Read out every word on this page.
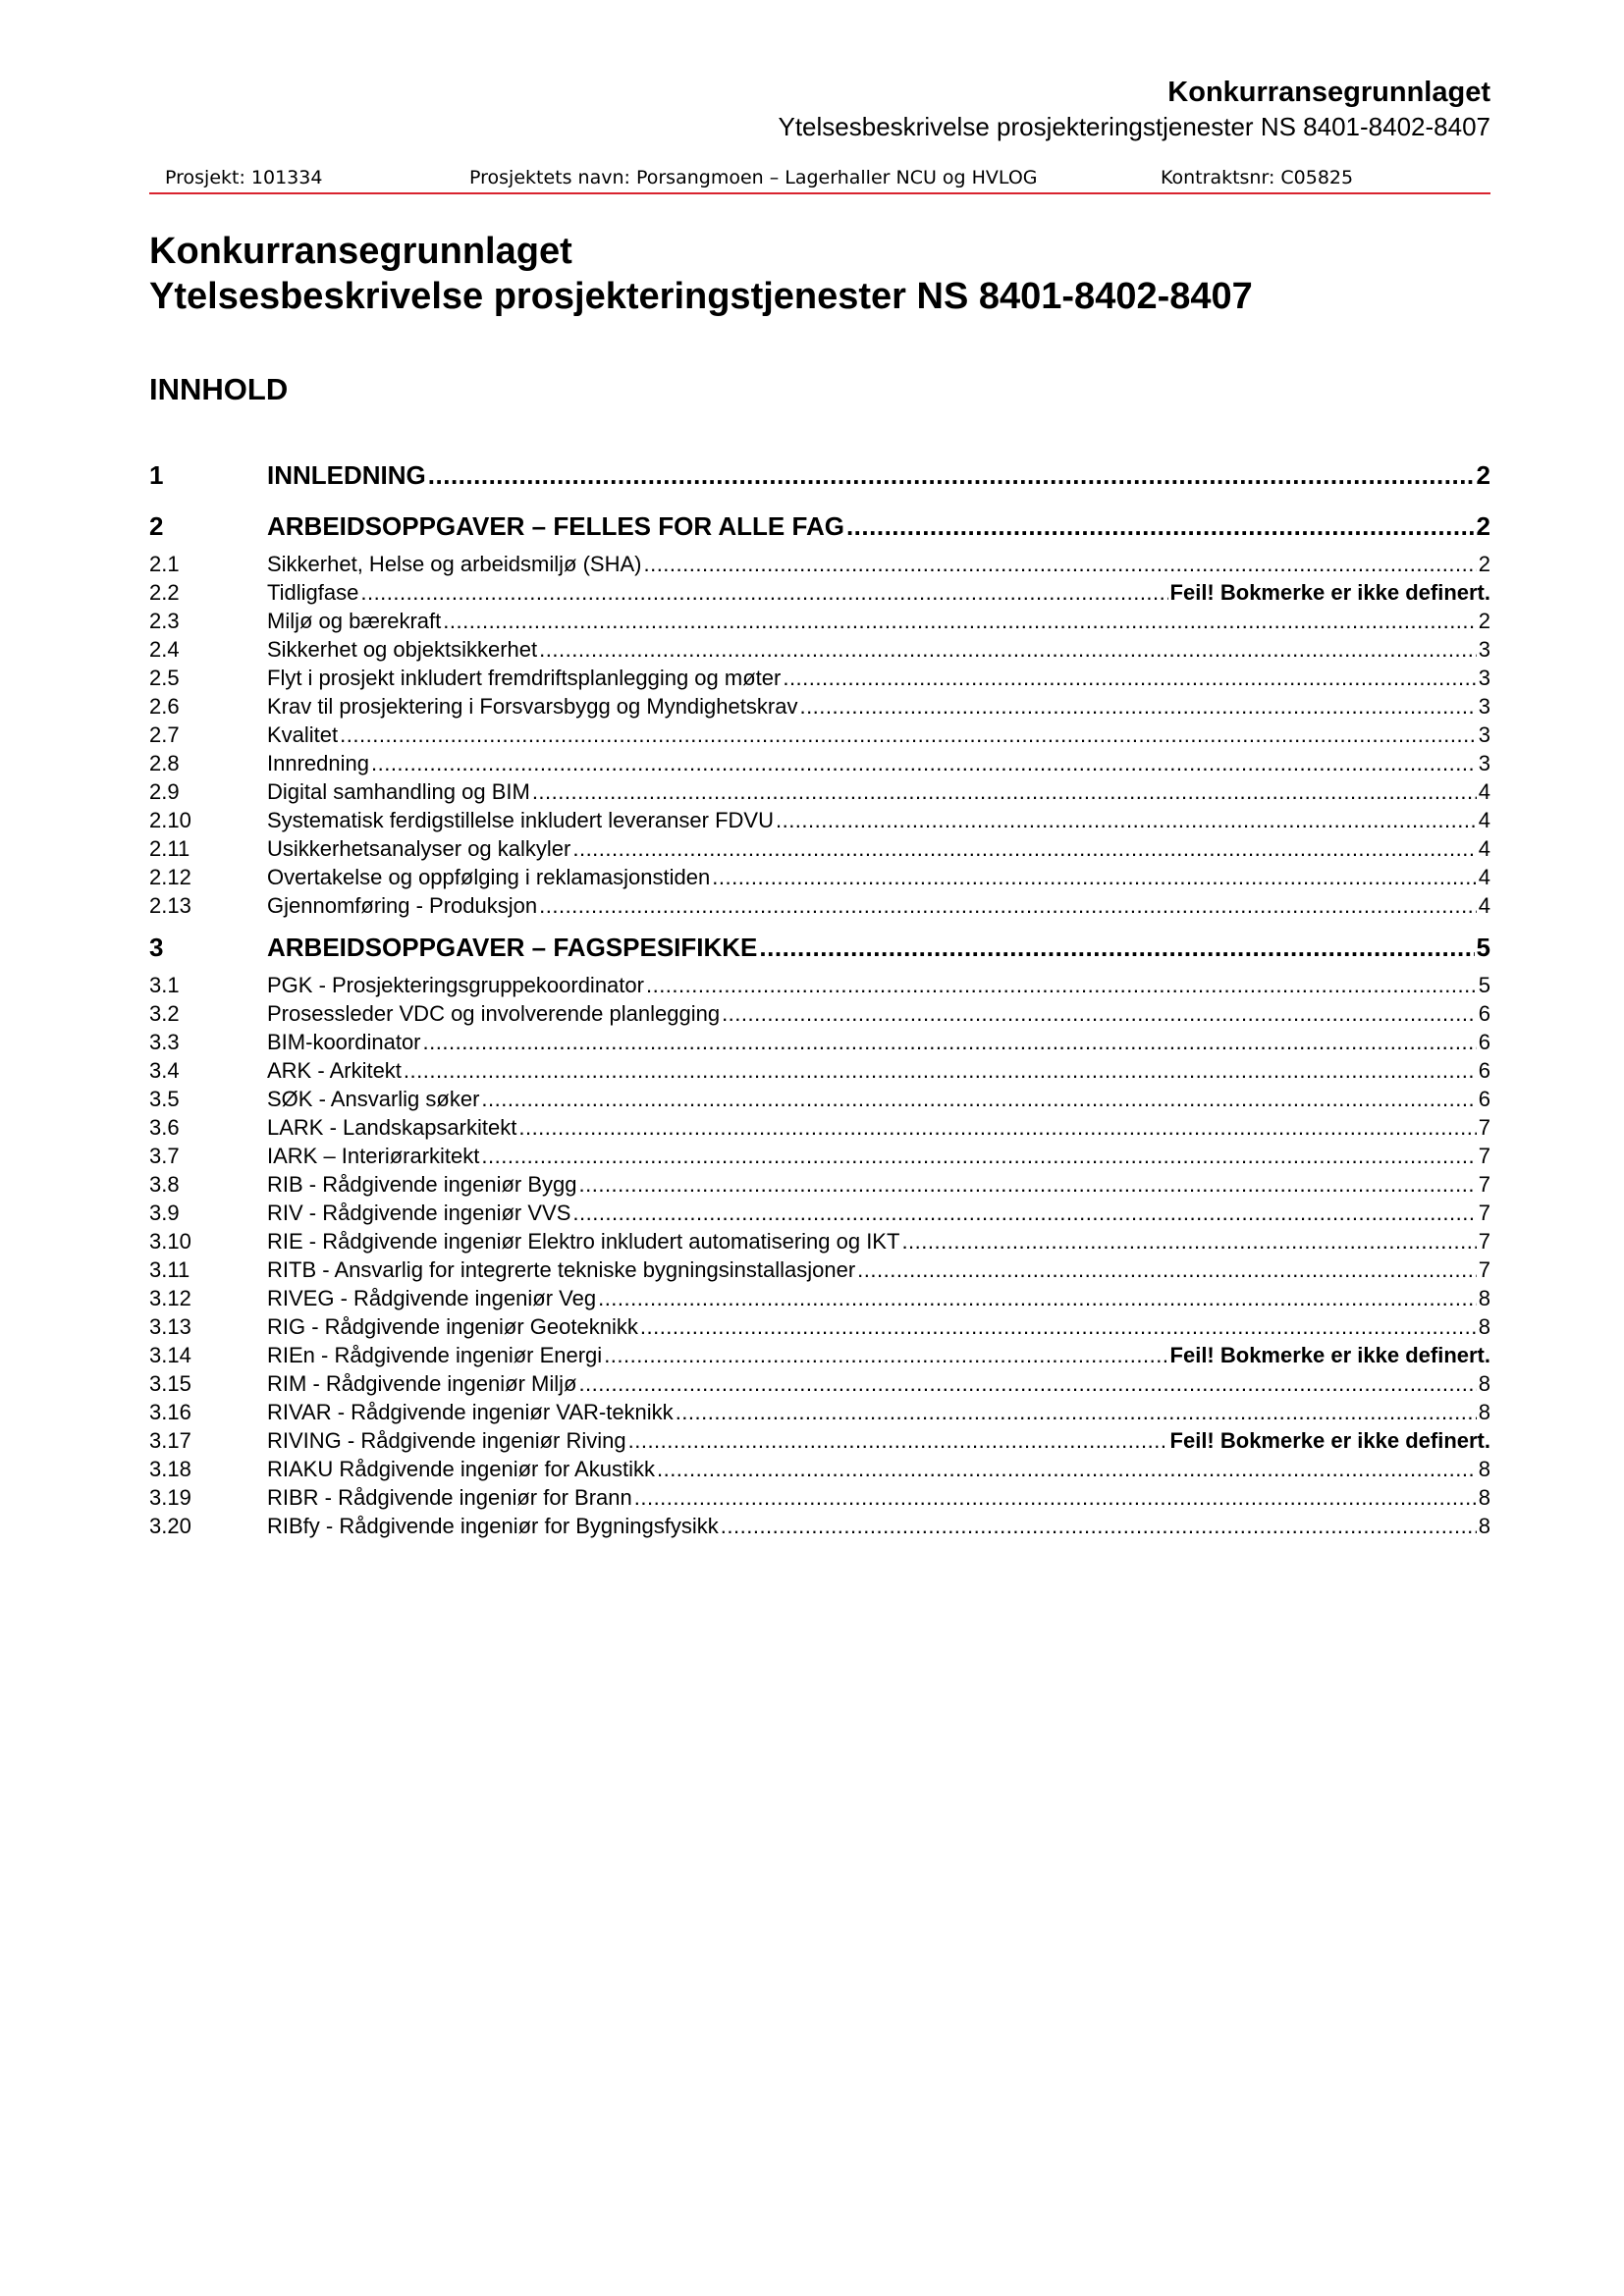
Konkurransegrunnlaget
Ytelsesbeskrivelse prosjekteringstjenester NS 8401-8402-8407
Prosjekt: 101334	Prosjektets navn: Porsangmoen – Lagerhaller NCU og HVLOG	Kontraktsnr: C05825
Konkurransegrunnlaget
Ytelsesbeskrivelse prosjekteringstjenester NS 8401-8402-8407
INNHOLD
1	INNLEDNING .....	2
2	ARBEIDSOPPGAVER – FELLES FOR ALLE FAG .....	2
2.1	Sikkerhet, Helse og arbeidsmiljø (SHA) .....	2
2.2	Tidligfase .....	Feil! Bokmerke er ikke definert.
2.3	Miljø og bærekraft .....	2
2.4	Sikkerhet og objektsikkerhet .....	3
2.5	Flyt i prosjekt inkludert fremdriftsplanlegging og møter .....	3
2.6	Krav til prosjektering i Forsvarsbygg og Myndighetskrav .....	3
2.7	Kvalitet .....	3
2.8	Innredning .....	3
2.9	Digital samhandling og BIM .....	4
2.10	Systematisk ferdigstillelse inkludert leveranser FDVU .....	4
2.11	Usikkerhetsanalyser og kalkyler .....	4
2.12	Overtakelse og oppfølging i reklamasjonstiden .....	4
2.13	Gjennomføring - Produksjon .....	4
3	ARBEIDSOPPGAVER – FAGSPESIFIKKE .....	5
3.1	PGK - Prosjekteringsgruppekoordinator .....	5
3.2	Prosessleder VDC og involverende planlegging .....	6
3.3	BIM-koordinator .....	6
3.4	ARK - Arkitekt .....	6
3.5	SØK - Ansvarlig søker .....	6
3.6	LARK - Landskapsarkitekt .....	7
3.7	IARK – Interiørarkitekt .....	7
3.8	RIB - Rådgivende ingeniør Bygg .....	7
3.9	RIV - Rådgivende ingeniør VVS .....	7
3.10	RIE - Rådgivende ingeniør Elektro inkludert automatisering og IKT .....	7
3.11	RITB - Ansvarlig for integrerte tekniske bygningsinstallasjoner .....	7
3.12	RIVEG - Rådgivende ingeniør Veg .....	8
3.13	RIG - Rådgivende ingeniør Geoteknikk .....	8
3.14	RIEn - Rådgivende ingeniør Energi .....	Feil! Bokmerke er ikke definert.
3.15	RIM - Rådgivende ingeniør Miljø .....	8
3.16	RIVAR - Rådgivende ingeniør VAR-teknikk .....	8
3.17	RIVING - Rådgivende ingeniør Riving .....	Feil! Bokmerke er ikke definert.
3.18	RIAKU Rådgivende ingeniør for Akustikk .....	8
3.19	RIBR - Rådgivende ingeniør for Brann .....	8
3.20	RIBfy - Rådgivende ingeniør for Bygningsfysikk .....	8
